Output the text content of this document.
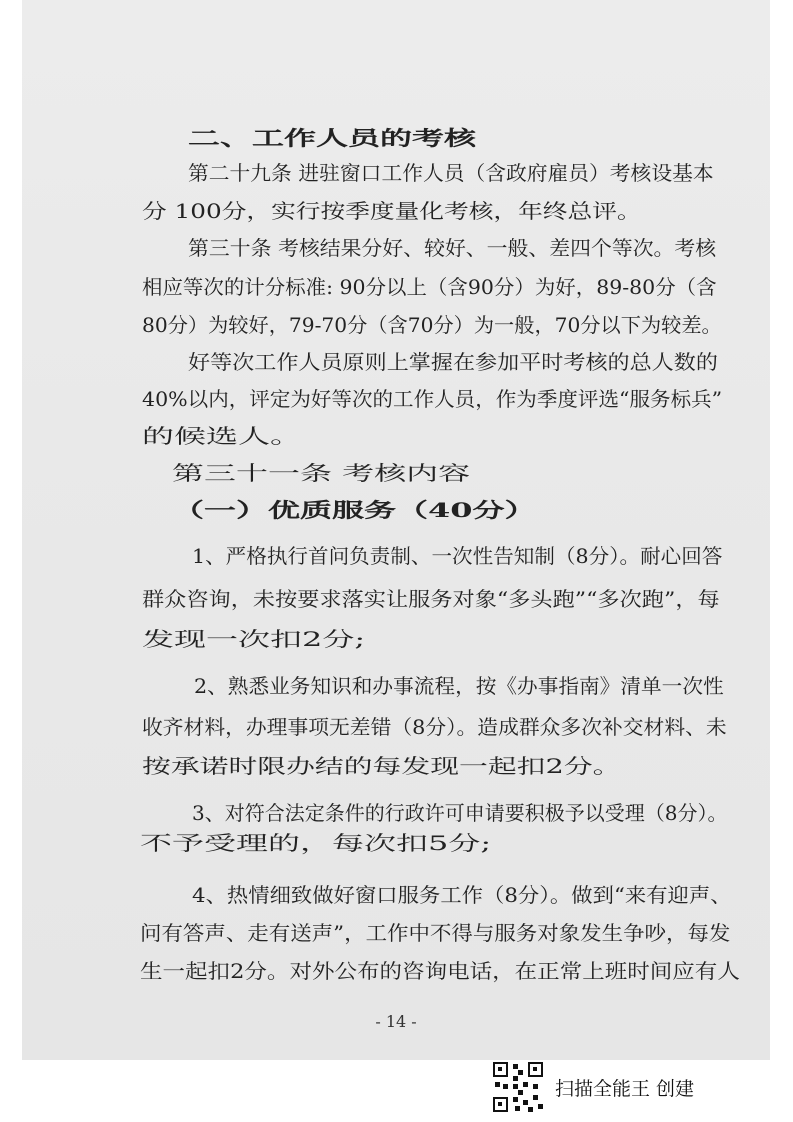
二、工作人员的考核
第二十九条 进驻窗口工作人员（含政府雇员）考核设基本
分 100分，实行按季度量化考核，年终总评。
第三十条 考核结果分好、较好、一般、差四个等次。考核
相应等次的计分标准: 90分以上（含90分）为好，89-80分（含
80分）为较好，79-70分（含70分）为一般，70分以下为较差。
好等次工作人员原则上掌握在参加平时考核的总人数的
40%以内，评定为好等次的工作人员，作为季度评选“服务标兵”
的候选人。
第三十一条 考核内容
（一）优质服务（40分）
1、严格执行首问负责制、一次性告知制（8分）。耐心回答
群众咨询，未按要求落实让服务对象“多头跑”“多次跑”，每
发现一次扣2分;
2、熟悉业务知识和办事流程，按《办事指南》清单一次性
收齐材料，办理事项无差错（8分）。造成群众多次补交材料、未
按承诺时限办结的每发现一起扣2分。
3、对符合法定条件的行政许可申请要积极予以受理（8分）。
不予受理的，每次扣5分;
4、热情细致做好窗口服务工作（8分）。做到“来有迎声、
问有答声、走有送声”，工作中不得与服务对象发生争吵，每发
生一起扣2分。对外公布的咨询电话，在正常上班时间应有人
- 14 -
扫描全能王 创建
